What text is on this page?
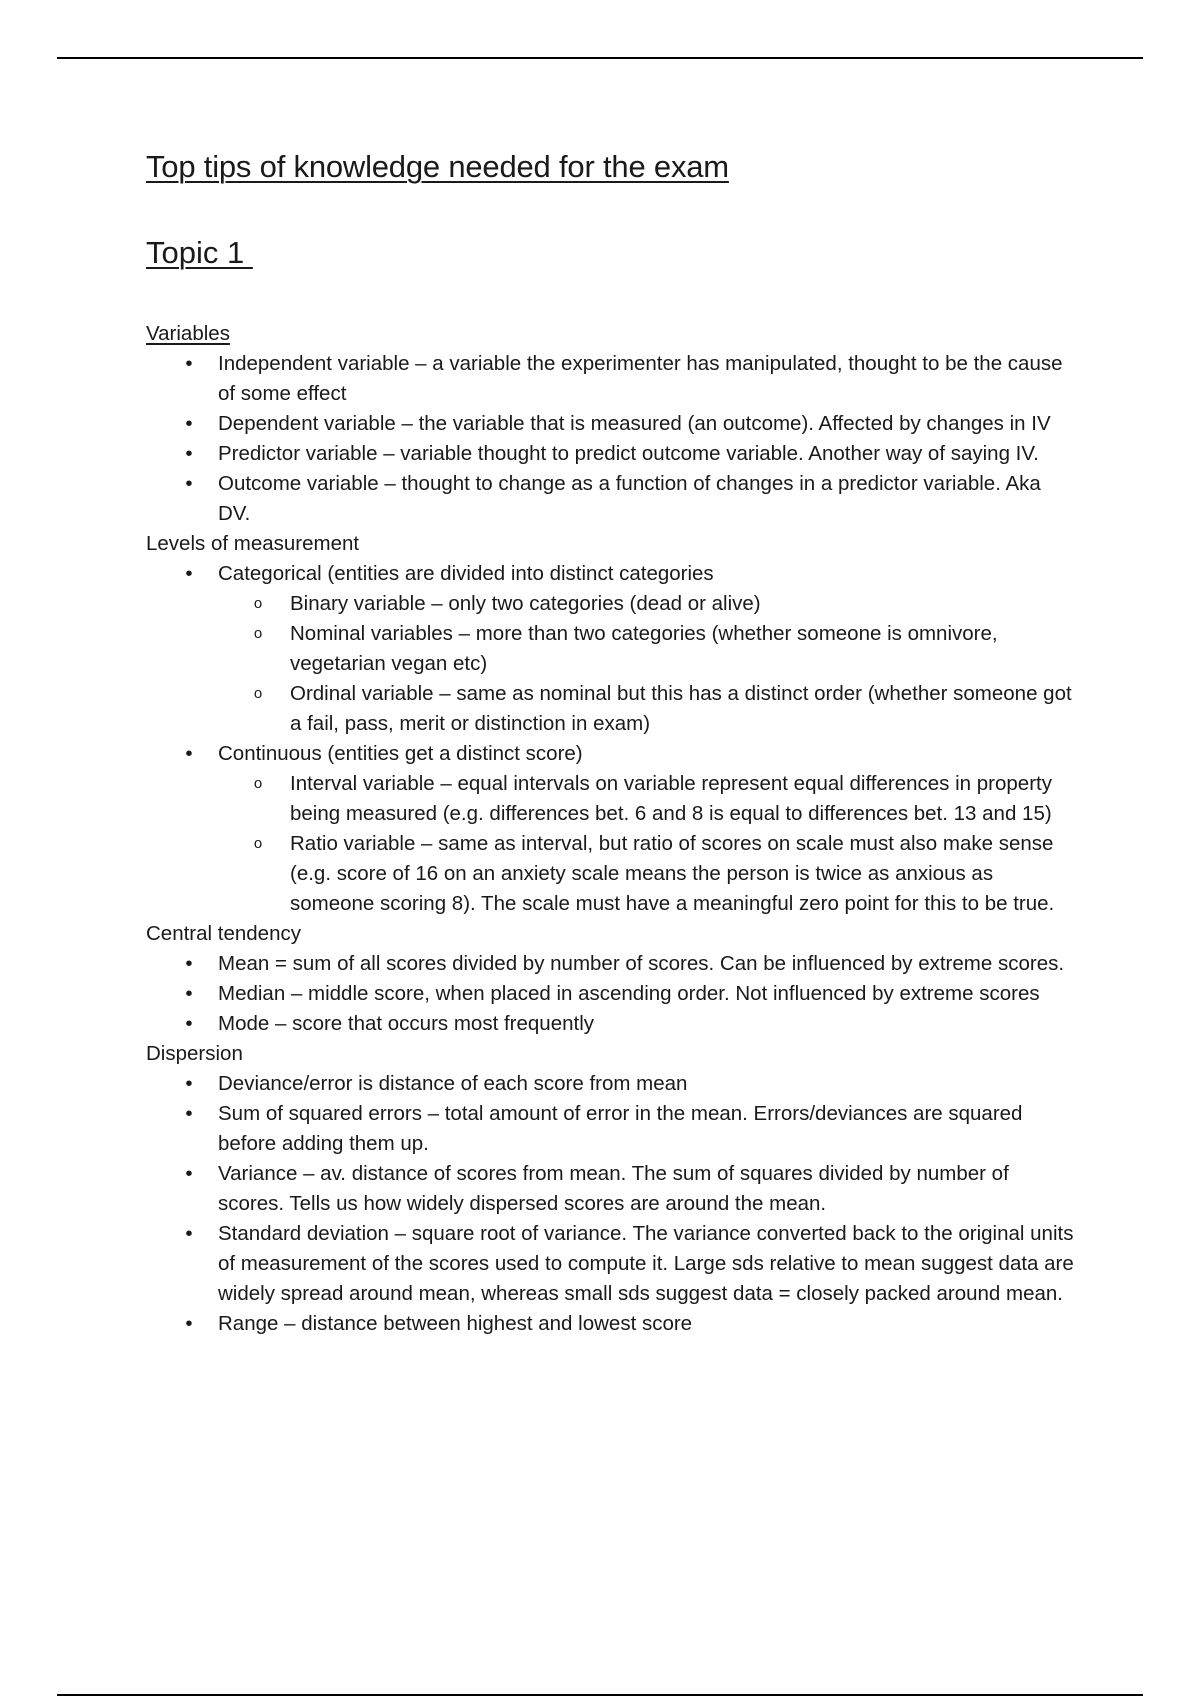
Top tips of knowledge needed for the exam
Topic 1
Variables
• Independent variable – a variable the experimenter has manipulated, thought to be the cause of some effect
• Dependent variable – the variable that is measured (an outcome). Affected by changes in IV
• Predictor variable – variable thought to predict outcome variable. Another way of saying IV.
• Outcome variable – thought to change as a function of changes in a predictor variable. Aka DV.
Levels of measurement
• Categorical (entities are divided into distinct categories
o Binary variable – only two categories (dead or alive)
o Nominal variables – more than two categories (whether someone is omnivore, vegetarian vegan etc)
o Ordinal variable – same as nominal but this has a distinct order (whether someone got a fail, pass, merit or distinction in exam)
• Continuous (entities get a distinct score)
o Interval variable – equal intervals on variable represent equal differences in property being measured (e.g. differences bet. 6 and 8 is equal to differences bet. 13 and 15)
o Ratio variable – same as interval, but ratio of scores on scale must also make sense (e.g. score of 16 on an anxiety scale means the person is twice as anxious as someone scoring 8). The scale must have a meaningful zero point for this to be true.
Central tendency
• Mean = sum of all scores divided by number of scores. Can be influenced by extreme scores.
• Median – middle score, when placed in ascending order. Not influenced by extreme scores
• Mode – score that occurs most frequently
Dispersion
• Deviance/error is distance of each score from mean
• Sum of squared errors – total amount of error in the mean. Errors/deviances are squared before adding them up.
• Variance – av. distance of scores from mean. The sum of squares divided by number of scores. Tells us how widely dispersed scores are around the mean.
• Standard deviation – square root of variance. The variance converted back to the original units of measurement of the scores used to compute it. Large sds relative to mean suggest data are widely spread around mean, whereas small sds suggest data = closely packed around mean.
• Range – distance between highest and lowest score
